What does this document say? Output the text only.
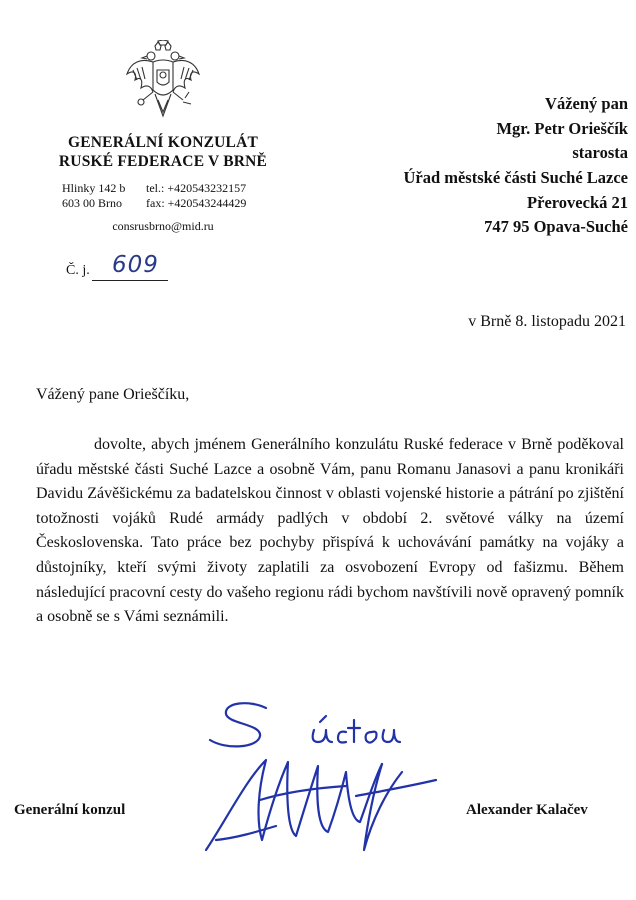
GENERÁLNÍ KONZULÁT
RUSKÉ FEDERACE V BRNĚ
Hlinky 142 b
603 00 Brno
tel.: +420543232157
fax: +420543244429
consrusbrno@mid.ru
Č. j. 609
Vážený pan
Mgr. Petr Orieščík
starosta
Úřad městské části Suché Lazce
Přerovecká 21
747 95 Opava-Suché
v Brně 8. listopadu 2021
Vážený pane Orieščíku,

dovolte, abych jménem Generálního konzulátu Ruské federace v Brně poděkoval úřadu městské části Suché Lazce a osobně Vám, panu Romanu Janasovi a panu kronikáři Davidu Závěšickému za badatelskou činnost v oblasti vojenské historie a pátrání po zjištění totožnosti vojáků Rudé armády padlých v období 2. světové války na území Československa. Tato práce bez pochyby přispívá k uchovávání památky na vojáky a důstojníky, kteří svými životy zaplatili za osvobození Evropy od fašizmu. Během následující pracovní cesty do vašeho regionu rádi bychom navštívili nově opravený pomník a osobně se s Vámi seznámili.

Generální konzul	Alexander Kalačev
